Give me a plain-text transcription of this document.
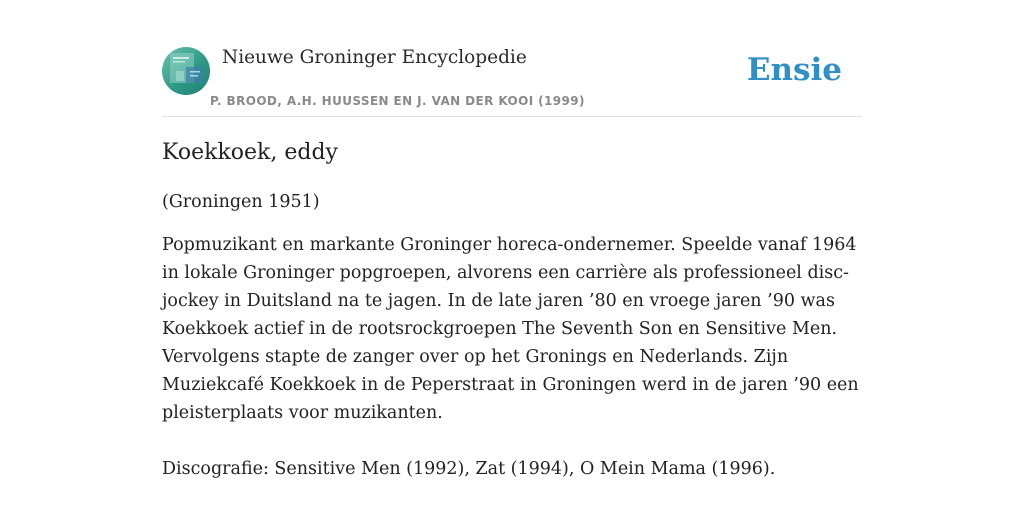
Nieuwe Groninger Encyclopedie
P. BROOD, A.H. HUUSSEN EN J. VAN DER KOOI (1999)
Ensie
Koekkoek, eddy
(Groningen 1951)

Popmuzikant en markante Groninger horeca-ondernemer. Speelde vanaf 1964 in lokale Groninger popgroepen, alvorens een carrière als professioneel disc-jockey in Duitsland na te jagen. In de late jaren ’80 en vroege jaren ’90 was Koekkoek actief in de rootsrockgroepen The Seventh Son en Sensitive Men. Vervolgens stapte de zanger over op het Gronings en Nederlands. Zijn Muziekcafé Koekkoek in de Peperstraat in Groningen werd in de jaren ’90 een pleisterplaats voor muzikanten.

Discografie: Sensitive Men (1992), Zat (1994), O Mein Mama (1996).
